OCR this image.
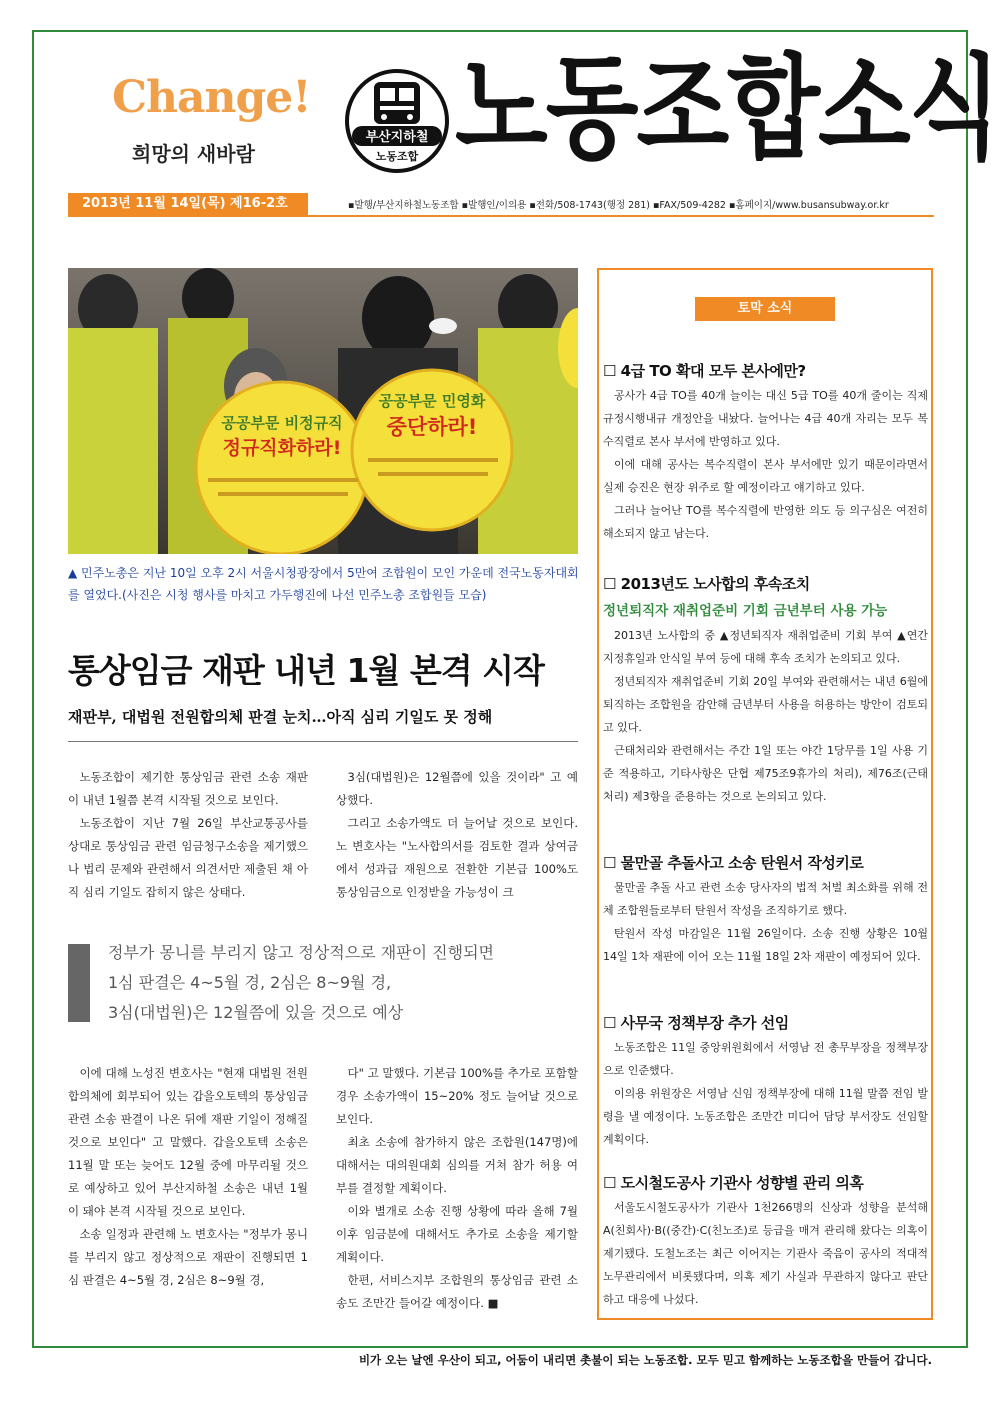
Change!
희망의 새바람
부산지하철
노동조합 노동조합소식
2013년 11월 14일(목) 제16-2호	▪발행/부산지하철노동조합 ▪발행인/이의용 ▪전화/508-1743(행정 281) ▪FAX/509-4282 ▪홈페이지/www.busansubway.or.kr
공공부문 비정규직
정규직화하라!
공공부문 민영화
중단하라!
▲ 민주노총은 지난 10일 오후 2시 서울시청광장에서 5만여 조합원이 모인 가운데 전국노동자대회를 열었다.(사진은 시청 행사를 마치고 가두행진에 나선 민주노총 조합원들 모습)
통상임금 재판 내년 1월 본격 시작
재판부, 대법원 전원합의체 판결 눈치…아직 심리 기일도 못 정해

노동조합이 제기한 통상임금 관련 소송 재판이 내년 1월쯤 본격 시작될 것으로 보인다.

노동조합이 지난 7월 26일 부산교통공사를 상대로 통상임금 관련 임금청구소송을 제기했으나 법리 문제와 관련해서 의견서만 제출된 채 아직 심리 기일도 잡히지 않은 상태다.

3심(대법원)은 12월쯤에 있을 것이라" 고 예상했다.

그리고 소송가액도 더 늘어날 것으로 보인다. 노 변호사는 "노사합의서를 검토한 결과 상여금에서 성과급 재원으로 전환한 기본급 100%도 통상임금으로 인정받을 가능성이 크

정부가 몽니를 부리지 않고 정상적으로 재판이 진행되면
1심 판결은 4~5월 경, 2심은 8~9월 경,
3심(대법원)은 12월쯤에 있을 것으로 예상

이에 대해 노성진 변호사는 "현재 대법원 전원합의체에 회부되어 있는 갑을오토텍의 통상임금 관련 소송 판결이 나온 뒤에 재판 기일이 정해질 것으로 보인다" 고 말했다. 갑을오토텍 소송은 11월 말 또는 늦어도 12월 중에 마무리될 것으로 예상하고 있어 부산지하철 소송은 내년 1월이 돼야 본격 시작될 것으로 보인다.

소송 일정과 관련해 노 변호사는 "정부가 몽니를 부리지 않고 정상적으로 재판이 진행되면 1심 판결은 4~5월 경, 2심은 8~9월 경,

다" 고 말했다. 기본급 100%를 추가로 포함할 경우 소송가액이 15~20% 정도 늘어날 것으로 보인다.

최초 소송에 참가하지 않은 조합원(147명)에 대해서는 대의원대회 심의를 거쳐 참가 허용 여부를 결정할 계획이다.

이와 별개로 소송 진행 상황에 따라 올해 7월 이후 임금분에 대해서도 추가로 소송을 제기할 계획이다.

한편, 서비스지부 조합원의 통상임금 관련 소송도 조만간 들어갈 예정이다. ■

토막 소식
☐ 4급 TO 확대 모두 본사에만?

공사가 4급 TO를 40개 늘이는 대신 5급 TO를 40개 줄이는 직제규정시행내규 개정안을 내놨다. 늘어나는 4급 40개 자리는 모두 복수직렬로 본사 부서에 반영하고 있다.

이에 대해 공사는 복수직렬이 본사 부서에만 있기 때문이라면서 실제 승진은 현장 위주로 할 예정이라고 얘기하고 있다.

그러나 늘어난 TO를 복수직렬에 반영한 의도 등 의구심은 여전히 해소되지 않고 남는다.

☐ 2013년도 노사합의 후속조치
정년퇴직자 재취업준비 기회 금년부터 사용 가능

2013년 노사합의 중 ▲정년퇴직자 재취업준비 기회 부여 ▲연간 지정휴일과 안식일 부여 등에 대해 후속 조치가 논의되고 있다.

정년퇴직자 재취업준비 기회 20일 부여와 관련해서는 내년 6월에 퇴직하는 조합원을 감안해 금년부터 사용을 허용하는 방안이 검토되고 있다.

근태처리와 관련해서는 주간 1일 또는 야간 1당무를 1일 사용 기준 적용하고, 기타사항은 단협 제75조9휴가의 처리), 제76조(근태처리) 제3항을 준용하는 것으로 논의되고 있다.

☐ 물만골 추돌사고 소송 탄원서 작성키로

물만골 추돌 사고 관련 소송 당사자의 법적 처벌 최소화를 위해 전체 조합원들로부터 탄원서 작성을 조직하기로 했다.

탄원서 작성 마감일은 11월 26일이다. 소송 진행 상황은 10월 14일 1차 재판에 이어 오는 11월 18일 2차 재판이 예정되어 있다.

☐ 사무국 정책부장 추가 선임

노동조합은 11일 중앙위원회에서 서영남 전 총무부장을 정책부장으로 인준했다.

이의용 위원장은 서영남 신임 정책부장에 대해 11월 말쯤 전임 발령을 낼 예정이다. 노동조합은 조만간 미디어 담당 부서장도 선임할 계획이다.

☐ 도시철도공사 기관사 성향별 관리 의혹

서울도시철도공사가 기관사 1천266명의 신상과 성향을 분석해 A(친회사)·B((중간)·C(친노조)로 등급을 매겨 관리해 왔다는 의혹이 제기됐다. 도철노조는 최근 이어지는 기관사 죽음이 공사의 적대적 노무관리에서 비롯됐다며, 의혹 제기 사실과 무관하지 않다고 판단하고 대응에 나섰다.

비가 오는 날엔 우산이 되고, 어둠이 내리면 촛불이 되는 노동조합. 모두 믿고 함께하는 노동조합을 만들어 갑니다.
